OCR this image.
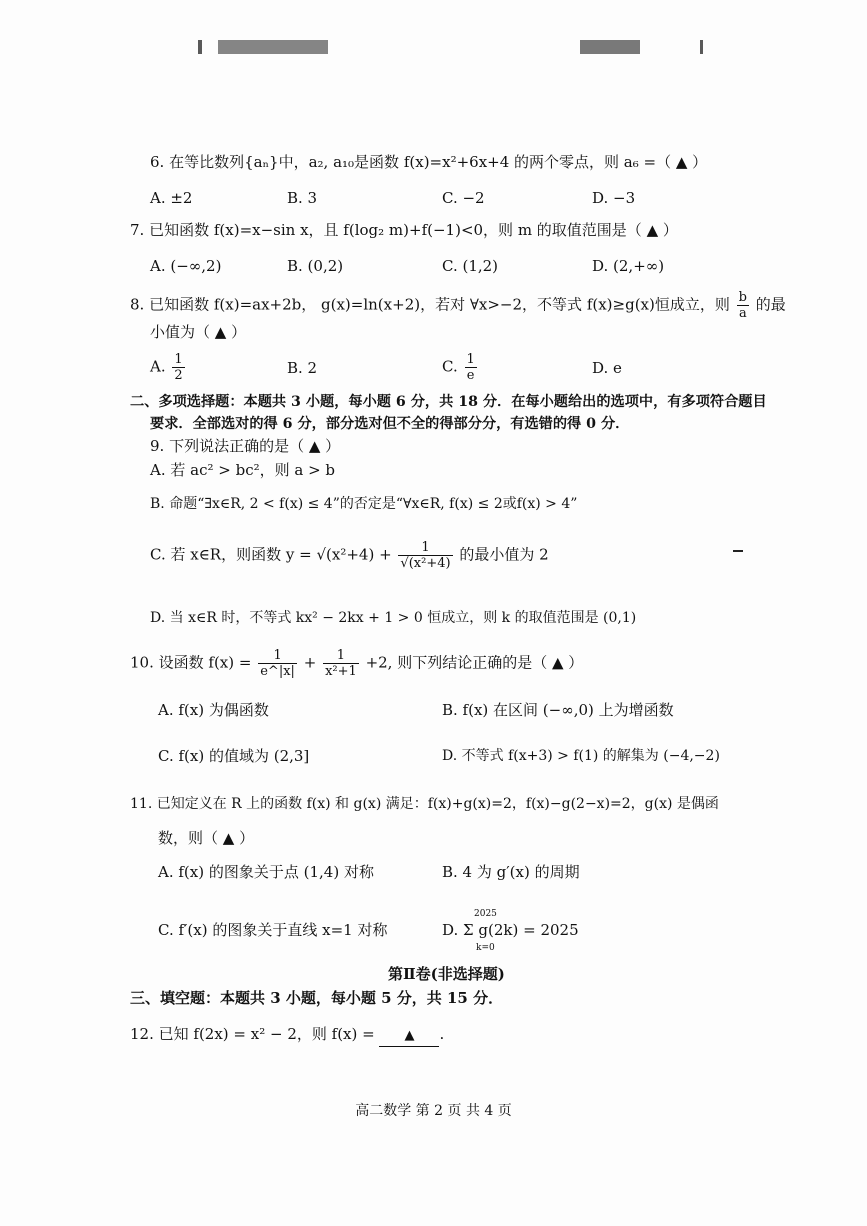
6. 在等比数列{aₙ}中，a₂, a₁₀是函数 f(x)=x²+6x+4 的两个零点，则 a₆ =（ ▲ ）
A. ±2	B. 3	C. −2	D. −3
7. 已知函数 f(x)=x−sin x，且 f(log₂ m)+f(−1)<0，则 m 的取值范围是（ ▲ ）
A. (−∞,2)	B. (0,2)	C. (1,2)	D. (2,+∞)
8. 已知函数 f(x)=ax+2b， g(x)=ln(x+2)，若对 ∀x>−2，不等式 f(x)≥g(x)恒成立，则 $\frac{b}{a}$ 的最
小值为（ ▲ ）
A. $\frac{1}{2}$	B. 2	C. $\frac{1}{e}$	D. e
二、多项选择题：本题共 3 小题，每小题 6 分，共 18 分．在每小题给出的选项中，有多项符合题目
要求．全部选对的得 6 分，部分选对但不全的得部分分，有选错的得 0 分．
9. 下列说法正确的是（ ▲ ）
A. 若 ac² > bc²，则 a > b
B. 命题“∃x∈R, 2 < f(x) ≤ 4”的否定是“∀x∈R, f(x) ≤ 2或f(x) > 4”
C. 若 x∈R，则函数 $y = √(x^2+4) + \frac{1}{\text{√(x²+4)}}$ 的最小值为 2
D. 当 x∈R 时，不等式 kx² − 2kx + 1 > 0 恒成立，则 k 的取值范围是 (0,1)
10. 设函数 $f(x) = \frac{1}{e\^{}|x|} + \frac{1}{\text{x²+1}} +2$, 则下列结论正确的是（ ▲ ）
A. f(x) 为偶函数	B. f(x) 在区间 (−∞,0) 上为增函数
C. f(x) 的值域为 (2,3]	D. 不等式 f(x+3) > f(1) 的解集为 (−4,−2)
11. 已知定义在 R 上的函数 f(x) 和 g(x) 满足：f(x)+g(x)=2，f(x)−g(2−x)=2，g(x) 是偶函
数，则（ ▲ ）
A. f(x) 的图象关于点 (1,4) 对称	B. 4 为 g′(x) 的周期
C. f′(x) 的图象关于直线 x=1 对称	D. Σ g(2k) = 2025
2025
k=0
第Ⅱ卷(非选择题)
三、填空题：本题共 3 小题，每小题 5 分，共 15 分．
12. 已知 f(2x) = x² − 2，则 f(x) = ▲ .
高二数学 第 2 页 共 4 页
